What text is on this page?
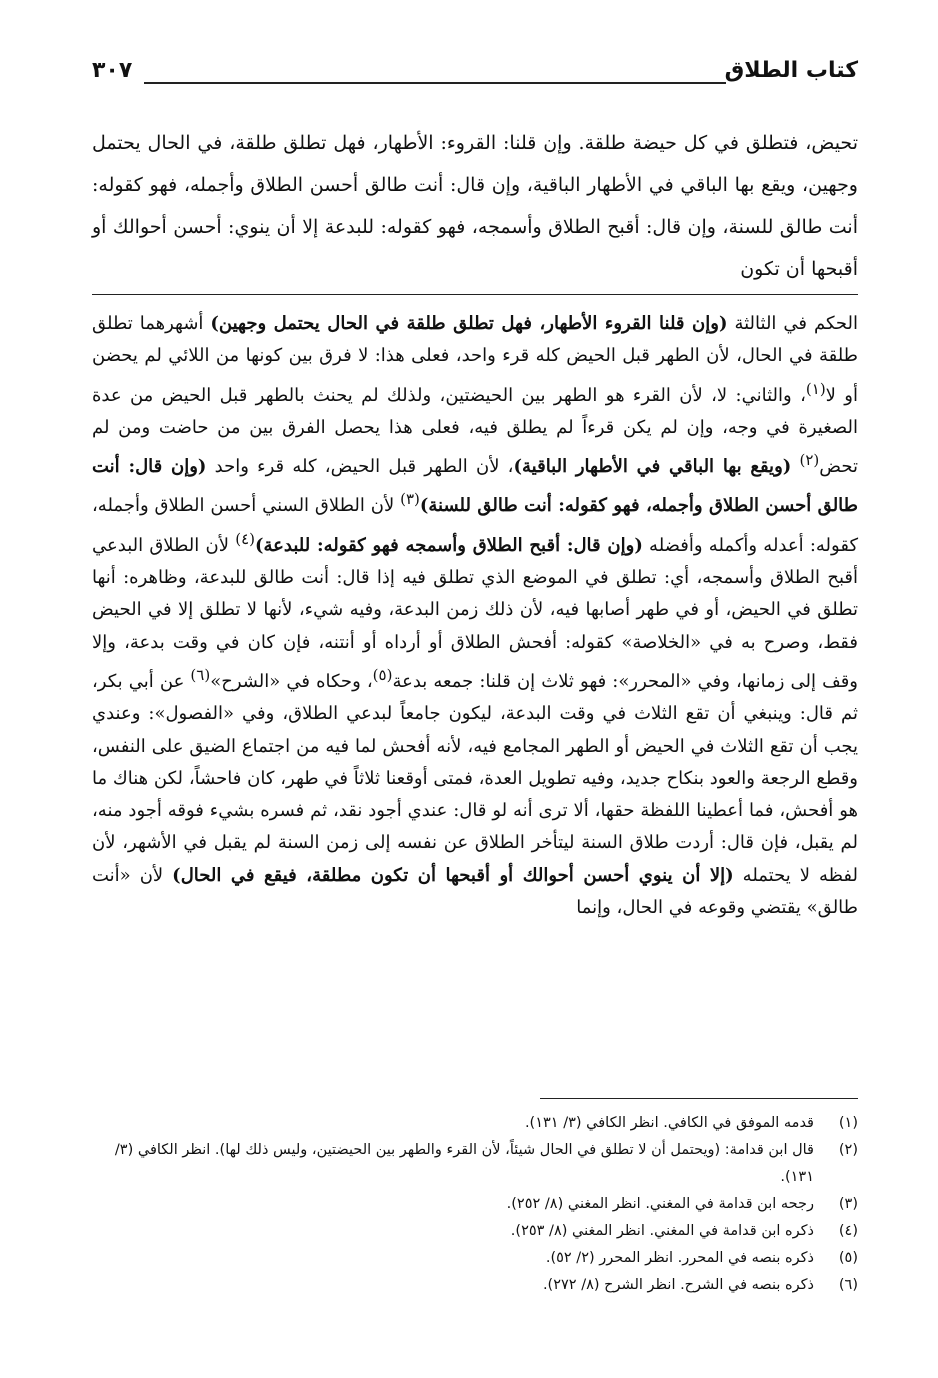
كتاب الطلاق
٣٠٧

تحيض، فتطلق في كل حيضة طلقة. وإن قلنا: القروء: الأطهار، فهل تطلق طلقة، في الحال يحتمل وجهين، ويقع بها الباقي في الأطهار الباقية، وإن قال: أنت طالق أحسن الطلاق وأجمله، فهو كقوله: أنت طالق للسنة، وإن قال: أقبح الطلاق وأسمجه، فهو كقوله: للبدعة إلا أن ينوي: أحسن أحوالك أو أقبحها أن تكون

الحكم في الثالثة (وإن قلنا القروء الأطهار، فهل تطلق طلقة في الحال يحتمل وجهين) أشهرهما تطلق طلقة في الحال، لأن الطهر قبل الحيض كله قرء واحد، فعلى هذا: لا فرق بين كونها من اللائي لم يحضن أو لا$^{(١)}$، والثاني: لا، لأن القرء هو الطهر بين الحيضتين، ولذلك لم يحنث بالطهر قبل الحيض من عدة الصغيرة في وجه، وإن لم يكن قرءاً لم يطلق فيه، فعلى هذا يحصل الفرق بين من حاضت ومن لم تحض$^{(٢)}$ (ويقع بها الباقي في الأطهار الباقية)، لأن الطهر قبل الحيض، كله قرء واحد (وإن قال: أنت طالق أحسن الطلاق وأجمله، فهو كقوله: أنت طالق للسنة)$^{(٣)}$ لأن الطلاق السني أحسن الطلاق وأجمله، كقوله: أعدله وأكمله وأفضله (وإن قال: أقبح الطلاق وأسمجه فهو كقوله: للبدعة)$^{(٤)}$ لأن الطلاق البدعي أقبح الطلاق وأسمجه، أي: تطلق في الموضع الذي تطلق فيه إذا قال: أنت طالق للبدعة، وظاهره: أنها تطلق في الحيض، أو في طهر أصابها فيه، لأن ذلك زمن البدعة، وفيه شيء، لأنها لا تطلق إلا في الحيض فقط، وصرح به في «الخلاصة» كقوله: أفحش الطلاق أو أرداه أو أنتنه، فإن كان في وقت بدعة، وإلا وقف إلى زمانها، وفي «المحرر»: فهو ثلاث إن قلنا: جمعه بدعة$^{(٥)}$، وحكاه في «الشرح»$^{(٦)}$ عن أبي بكر، ثم قال: وينبغي أن تقع الثلاث في وقت البدعة، ليكون جامعاً لبدعي الطلاق، وفي «الفصول»: وعندي يجب أن تقع الثلاث في الحيض أو الطهر المجامع فيه، لأنه أفحش لما فيه من اجتماع الضيق على النفس، وقطع الرجعة والعود بنكاح جديد، وفيه تطويل العدة، فمتى أوقعنا ثلاثاً في طهر، كان فاحشاً، لكن هناك ما هو أفحش، فما أعطينا اللفظة حقها، ألا ترى أنه لو قال: عندي أجود نقد، ثم فسره بشيء فوقه أجود منه، لم يقبل، فإن قال: أردت طلاق السنة ليتأخر الطلاق عن نفسه إلى زمن السنة لم يقبل في الأشهر، لأن لفظه لا يحتمله (إلا أن ينوي أحسن أحوالك أو أقبحها أن تكون مطلقة، فيقع في الحال) لأن «أنت طالق» يقتضي وقوعه في الحال، وإنما

(١)
قدمه الموفق في الكافي. انظر الكافي (٣/ ١٣١).
(٢)
قال ابن قدامة: (ويحتمل أن لا تطلق في الحال شيئاً، لأن القرء والطهر بين الحيضتين، وليس ذلك لها). انظر الكافي (٣/ ١٣١).
(٣)
رجحه ابن قدامة في المغني. انظر المغني (٨/ ٢٥٢).
(٤)
ذكره ابن قدامة في المغني. انظر المغني (٨/ ٢٥٣).
(٥)
ذكره بنصه في المحرر. انظر المحرر (٢/ ٥٢).
(٦)
ذكره بنصه في الشرح. انظر الشرح (٨/ ٢٧٢).
